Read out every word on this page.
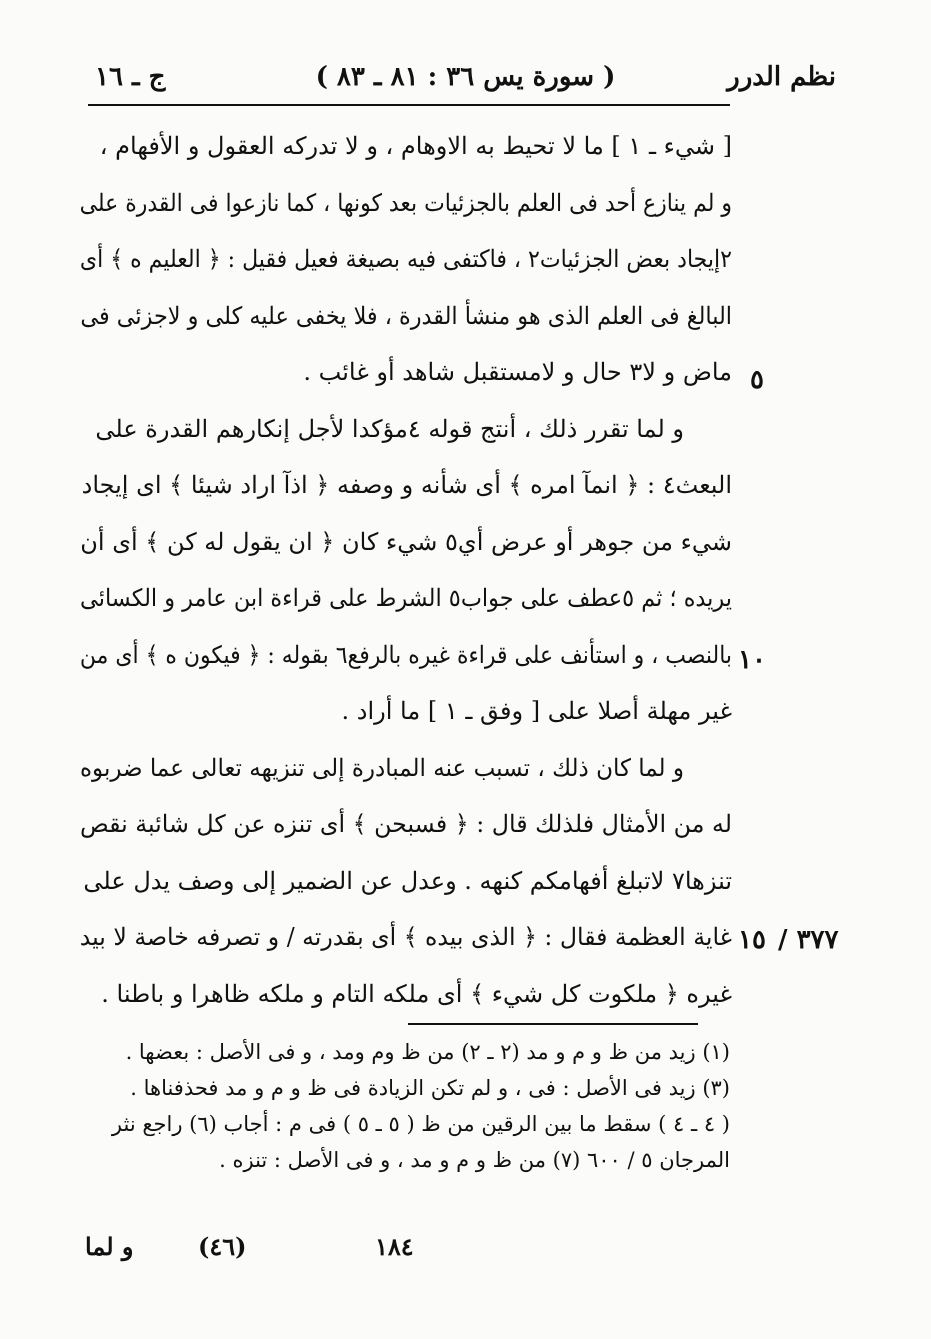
نظم الدرر
( سورة يس ٣٦ : ٨١ ـ ٨٣ )
ج ـ ١٦
[ شيء ـ ١ ] ما لا تحيط به الاوهام ، و لا تدركه العقول و الأفهام ،
و لم ينازع أحد فى العلم بالجزئيات بعد كونها ، كما نازعوا فى القدرة على
٢إيجاد بعض الجزئيات٢ ، فاكتفى فيه بصيغة فعيل فقيل : ﴿ العليم ه ﴾ أى
البالغ فى العلم الذى هو منشأ القدرة ، فلا يخفى عليه كلى و لاجزئى فى
ماض و لا٣ حال و لامستقبل شاهد أو غائب .
و لما تقرر ذلك ، أنتج قوله ٤مؤكدا لأجل إنكارهم القدرة على
البعث٤ : ﴿ انمآ امره ﴾ أى شأنه و وصفه ﴿ اذآ اراد شيئا ﴾ اى إيجاد
شيء من جوهر أو عرض أي٥ شيء كان ﴿ ان يقول له كن ﴾ أى أن
يريده ؛ ثم ٥عطف على جواب٥ الشرط على قراءة ابن عامر و الكسائى
بالنصب ، و استأنف على قراءة غيره بالرفع٦ بقوله : ﴿ فيكون ه ﴾ أى من
غير مهلة أصلا على [ وفق ـ ١ ] ما أراد .
و لما كان ذلك ، تسبب عنه المبادرة إلى تنزيهه تعالى عما ضربوه
له من الأمثال فلذلك قال : ﴿ فسبحن ﴾ أى تنزه عن كل شائبة نقص
تنزها٧ لاتبلغ أفهامكم كنهه . وعدل عن الضمير إلى وصف يدل على
غاية العظمة فقال : ﴿ الذى بيده ﴾ أى بقدرته / و تصرفه خاصة لا بيد
غيره ﴿ ملكوت كل شيء ﴾ أى ملكه التام و ملكه ظاهرا و باطنا .
٥
١٠
١٥ ٣٧٧ /
(١) زيد من ظ و م و مد (٢ ـ ٢) من ظ وم ومد ، و فى الأصل : بعضها .
(٣) زيد فى الأصل : فى ، و لم تكن الزيادة فى ظ و م و مد فحذفناها .
( ٤ ـ ٤ ) سقط ما بين الرقين من ظ ( ٥ ـ ٥ ) فى م : أجاب (٦) راجع نثر
المرجان ٥ / ٦٠٠ (٧) من ظ و م و مد ، و فى الأصل : تنزه .
١٨٤
(٤٦)
و لما
